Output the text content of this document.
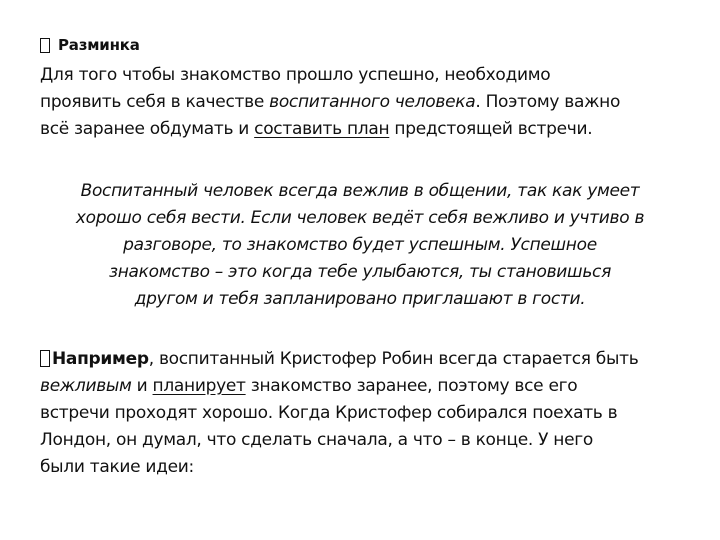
Разминка
Для того чтобы знакомство прошло успешно, необходимо
проявить себя в качестве воспитанного человека. Поэтому важно
всё заранее обдумать и составить план предстоящей встречи.
Воспитанный человек всегда вежлив в общении, так как умеет
хорошо себя вести. Если человек ведёт себя вежливо и учтиво в
разговоре, то знакомство будет успешным. Успешное
знакомство – это когда тебе улыбаются, ты становишься
другом и тебя запланировано приглашают в гости.
Например, воспитанный Кристофер Робин всегда старается быть
вежливым и планирует знакомство заранее, поэтому все его
встречи проходят хорошо. Когда Кристофер собирался поехать в
Лондон, он думал, что сделать сначала, а что – в конце. У него
были такие идеи:
